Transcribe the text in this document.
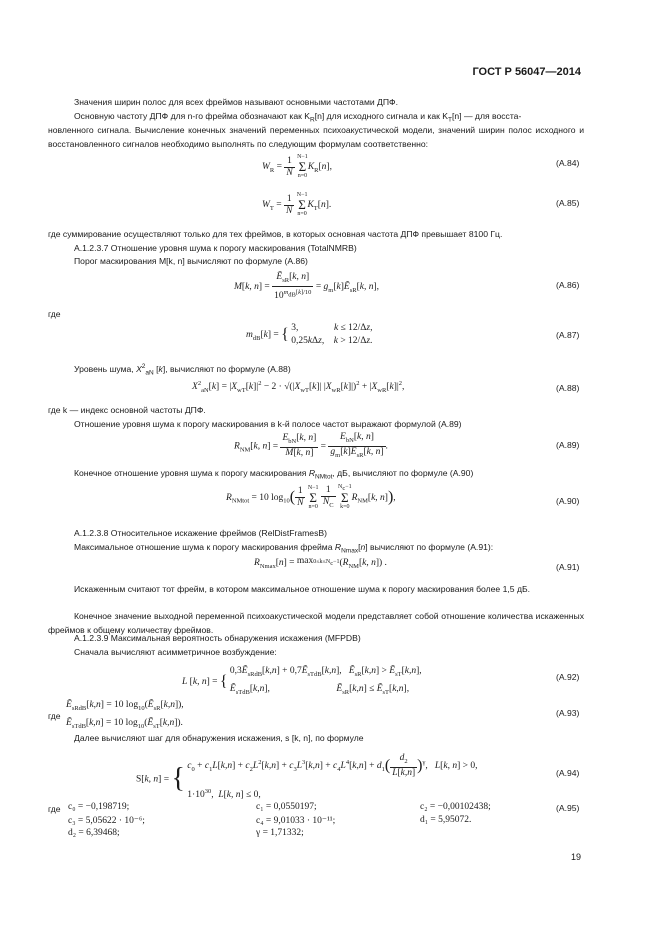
ГОСТ Р 56047—2014
Значения ширин полос для всех фреймов называют основными частотами ДПФ.
Основную частоту ДПФ для n-го фрейма обозначают как $K_R[n]$ для исходного сигнала и как $K_T[n]$ — для восста-
новленного сигнала. Вычисление конечных значений переменных психоакустической модели, значений ширин полос исходного и восстановленного сигналов необходимо выполнять по следующим формулам соответственно:
$W_R = \frac{1}{N} N-1$
Σ
$n=0K_R[n]$,	(А.84)
$W_T = \frac{1}{N} N-1$
Σ
$n=0K_T[n]$.	(А.85)
где суммирование осуществляют только для тех фреймов, в которых основная частота ДПФ превышает 8100 Гц.
А.1.2.3.7 Отношение уровня шума к порогу маскирования (TotalNMRB)
Порог маскирования M[k, n] вычисляют по формуле (А.86)
M[k, $n] = \frac{Ẽ_{sR}[k, n]}{10^{m_{dB}[k]/10}}$ = $g_m[k]Ẽ_{sR}[k$, n],	(А.86)
где
$m_{dB}[k]$ = { 3,               k ≤ 12/Δz,
0,25kΔz,    k > 12/Δz.
(А.87)
Уровень шума, $X^2_{aN}$ [k], вычисляют по формуле (А.88)
$X^2_{aN}[k] = |X_{wT}[k]|^2 - 2 \cdot √(|X_{wT}[k]|$ $|X_{wR}[k]|)^2 + |X_{wR}[k]|^2$,	(А.88)
где k — индекс основной частоты ДПФ.
Отношение уровня шума к порогу маскирования в k-й полосе частот выражают формулой (А.89)
$R_{NM}[k$, $n] = \frac{E_{bN}[k, n]}{M[k, n]} = \frac{E_{bN}[k, n]}{g_m[k]Ẽ_{sR}[k, n]}$ .	(А.89)
Конечное отношение уровня шума к порогу маскирования $R_{NMtot}$, дБ, вычисляют по формуле (А.90)
$R_{NMtot} = 10$ $\log_{10}( \frac{1}{N} N-1$
Σ
$n=0 \frac{1}{N_C} N_c-1$
Σ
$k=0R_{NM}[k$, n]),	(А.90)
А.1.2.3.8 Относительное искажение фреймов (RelDistFramesB)
Максимальное отношение шума к порогу маскирования фрейма $R_{Nmax}[n]$ вычисляют по формуле (А.91):
$R_{Nmax}[n] = \max 0\le k\le N_c-1(R_{NM}[k$, n]) .	(А.91)
Искаженным считают тот фрейм, в котором максимальное отношение шума к порогу маскирования более 1,5 дБ.
Конечное значение выходной переменной психоакустической модели представляет собой отношение количества искаженных фреймов к общему количеству фреймов.
А.1.2.3.9 Максимальная вероятность обнаружения искажения (MFPDB)
Сначала вычисляют асимметричное возбуждение:
L [k, n] = { 0,3Ẽ$_{sRdB}$[k,n] + 0,7Ẽ$_{sTdB}$[k,n],   Ẽ$_{sR}$[k,n] > Ẽ$_{sT}$[k,n],
Ẽ$_{sTdB}$[k,n],                            Ẽ$_{sR}$[k,n] ≤ Ẽ$_{sT}$[k,n],
(А.92)
где
Ẽ$_{sRdB}$[k,n] = 10 $\log_{10}(Ẽ_{sR}[k,n])$,
Ẽ$_{sTdB}$[k,n] = 10 $\log_{10}(Ẽ_{sT}[k,n])$.
(А.93)
Далее вычисляют шаг для обнаружения искажения, s [k, n], по формуле
S[k, n] = { $c_0 + c_1L[k,n] + c_2L^2[k,n] + c_3L^3[k,n] + c_4L^4[k,n] + d_1( \frac{d_2}{L[k,n]} )^\gamma$,   L[k, n] > 0,
$1\cdot 10^{30}$,  L[k, n] ≤ 0,
(А.94)
где c₀ = −0,198719;	c₁ = 0,0550197;	c₂ = −0,00102438;	(А.95)
c₃ = 5,05622 · 10⁻⁶;	c₄ = 9,01033 · 10⁻¹¹;	d₁ = 5,95072.
d₂ = 6,39468;	γ = 1,71332;
19
